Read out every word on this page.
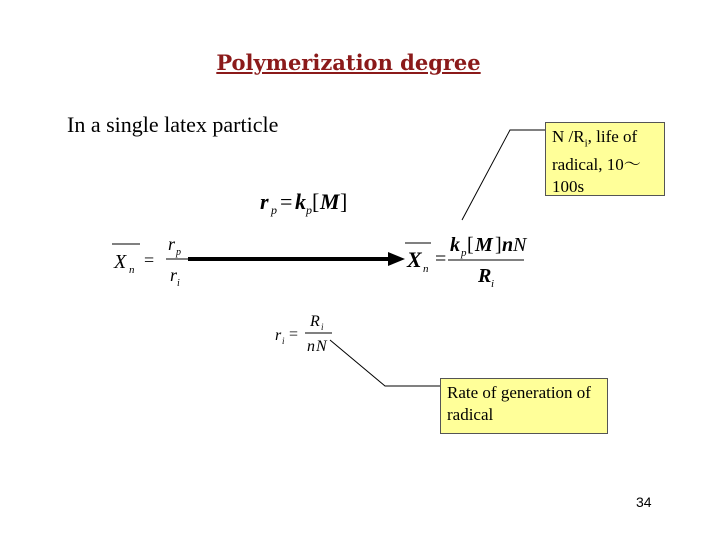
Polymerization degree
In a single latex particle	N $/R_i$, life of
radical, 10～
100s
Rate of generation of
radical
34
r p = k p [ M ]
X n =
r p
r i
X n =
k p [ M ] n N
R i
r i =
R i
n N
